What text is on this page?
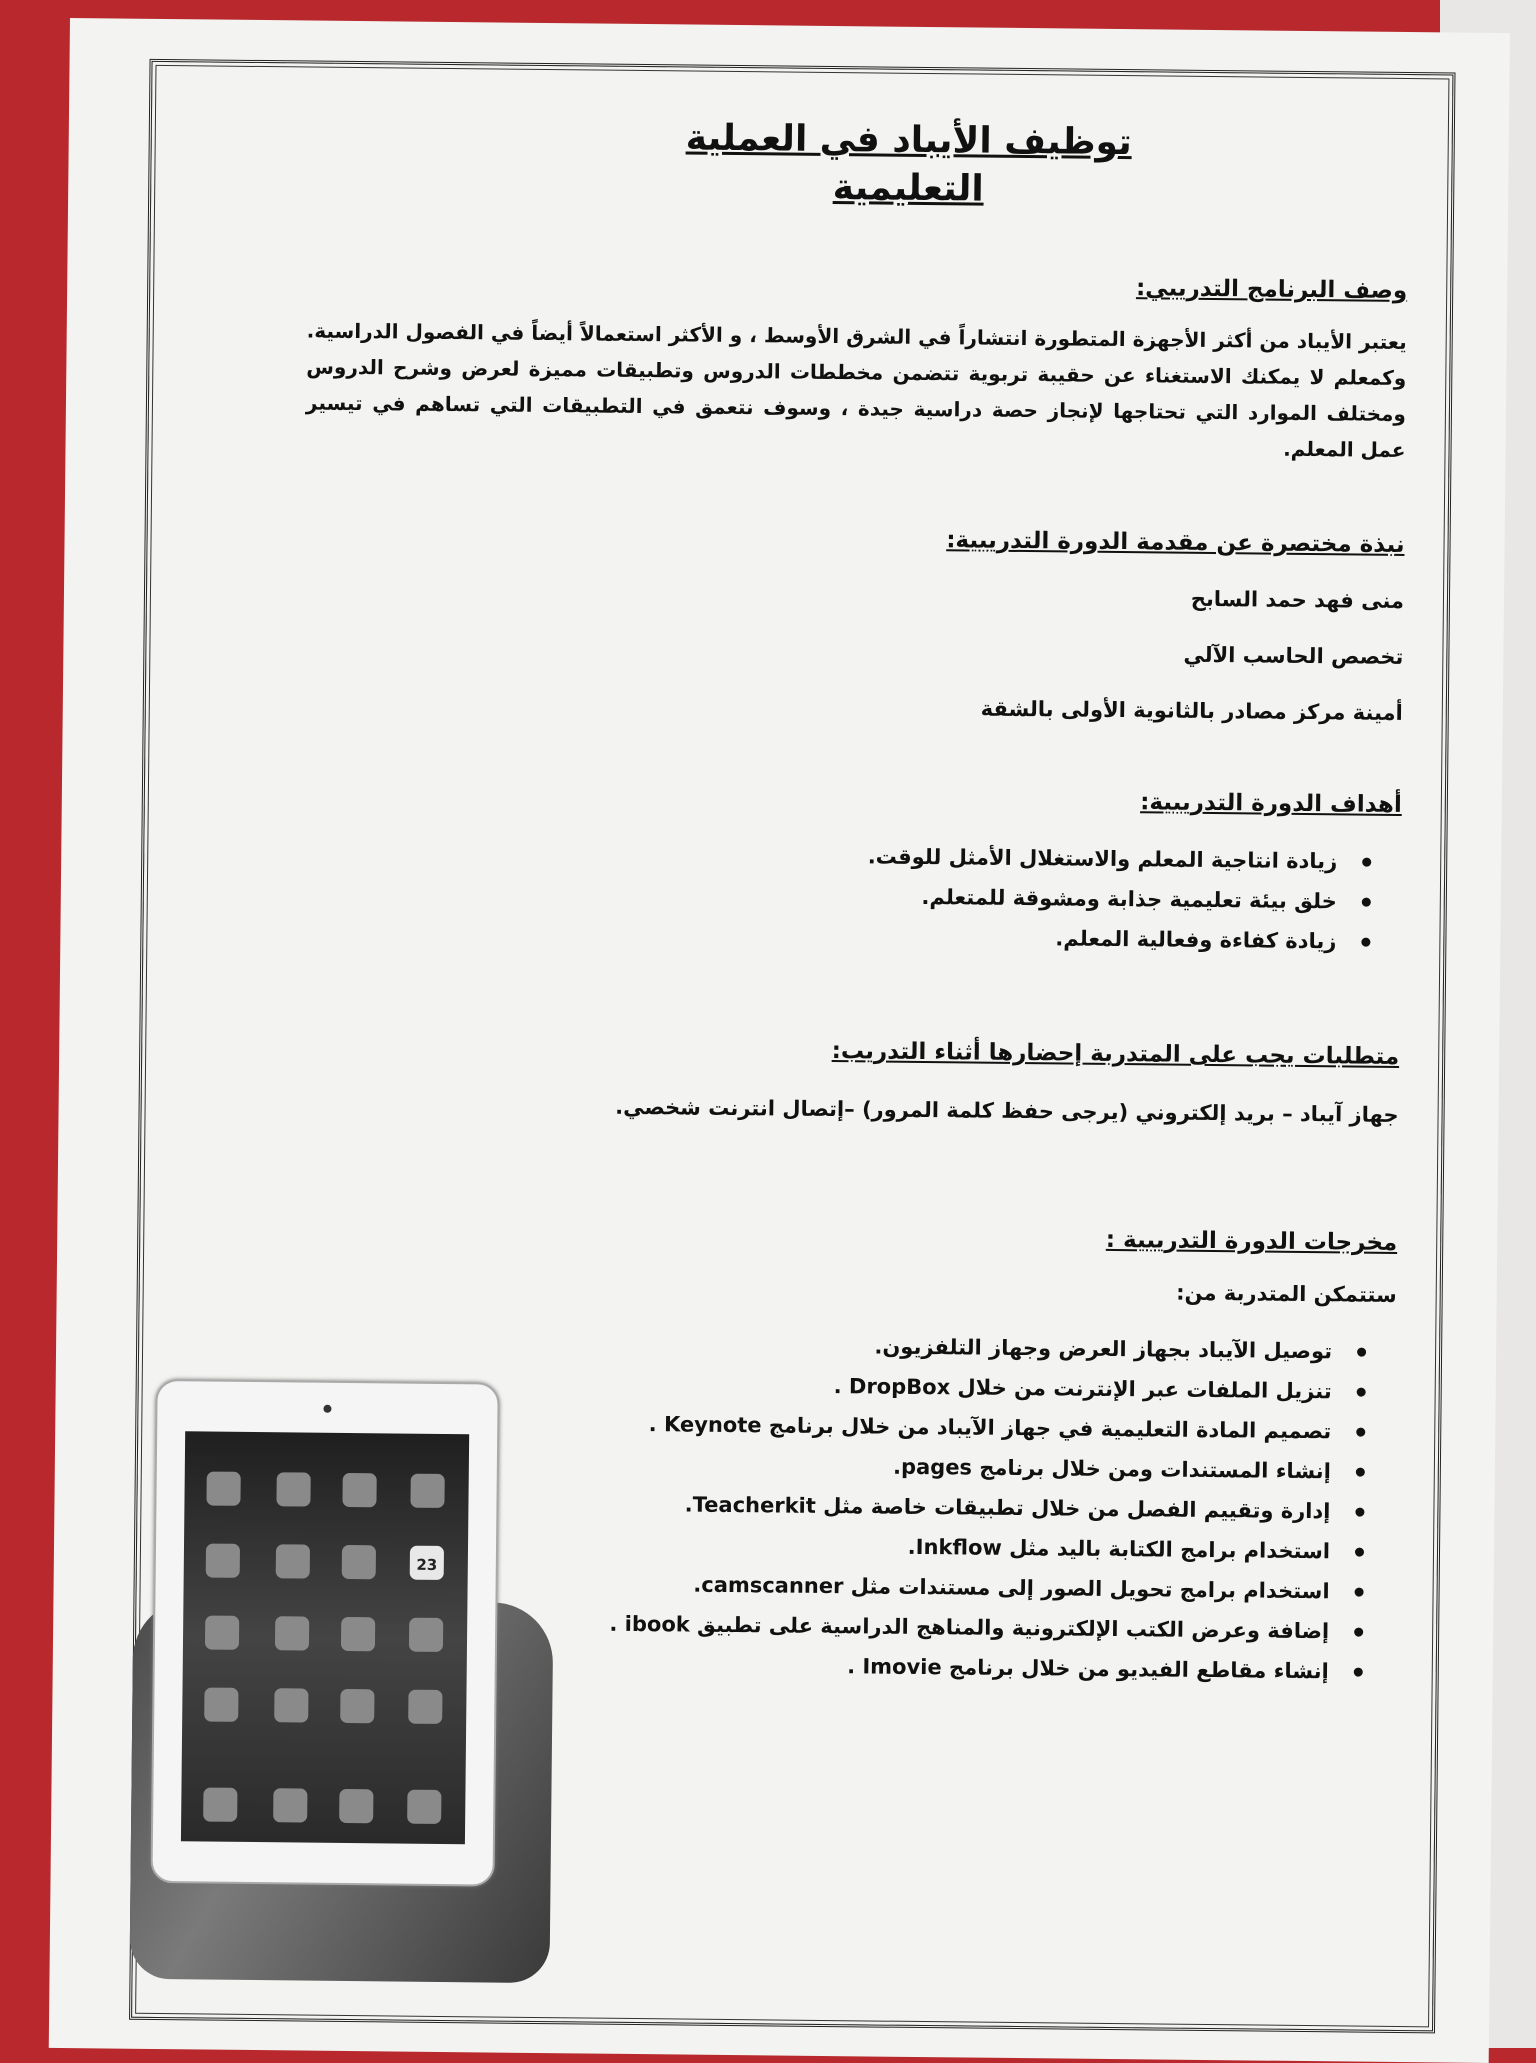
توظيف الأيباد في العملية التعليمية
وصف البرنامج التدريبي:
يعتبر الأيباد من أكثر الأجهزة المتطورة انتشاراً في الشرق الأوسط ، و الأكثر استعمالاً أيضاً في الفصول الدراسية. وكمعلم لا يمكنك الاستغناء عن حقيبة تربوية تتضمن مخططات الدروس وتطبيقات مميزة لعرض وشرح الدروس ومختلف الموارد التي تحتاجها لإنجاز حصة دراسية جيدة ، وسوف نتعمق في التطبيقات التي تساهم في تيسير عمل المعلم.
نبذة مختصرة عن مقدمة الدورة التدريبية:
منى فهد حمد السابح
تخصص الحاسب الآلي
أمينة مركز مصادر بالثانوية الأولى بالشقة
أهداف الدورة التدريبية:
زيادة انتاجية المعلم والاستغلال الأمثل للوقت.
خلق بيئة تعليمية جذابة ومشوقة للمتعلم.
زيادة كفاءة وفعالية المعلم.
متطلبات يجب على المتدربة إحضارها أثناء التدريب:
جهاز آيباد – بريد إلكتروني (يرجى حفظ كلمة المرور) –إتصال انترنت شخصي.
مخرجات الدورة التدريبية :
ستتمكن المتدربة من:
توصيل الآيباد بجهاز العرض وجهاز التلفزيون.
تنزيل الملفات عبر الإنترنت من خلال DropBox .
تصميم المادة التعليمية في جهاز الآيباد من خلال برنامج Keynote .
إنشاء المستندات ومن خلال برنامج pages.
إدارة وتقييم الفصل من خلال تطبيقات خاصة مثل Teacherkit.
استخدام برامج الكتابة باليد مثل Inkflow.
استخدام برامج تحويل الصور إلى مستندات مثل camscanner.
إضافة وعرض الكتب الإلكترونية والمناهج الدراسية على تطبيق ibook .
إنشاء مقاطع الفيديو من خلال برنامج Imovie .
23
